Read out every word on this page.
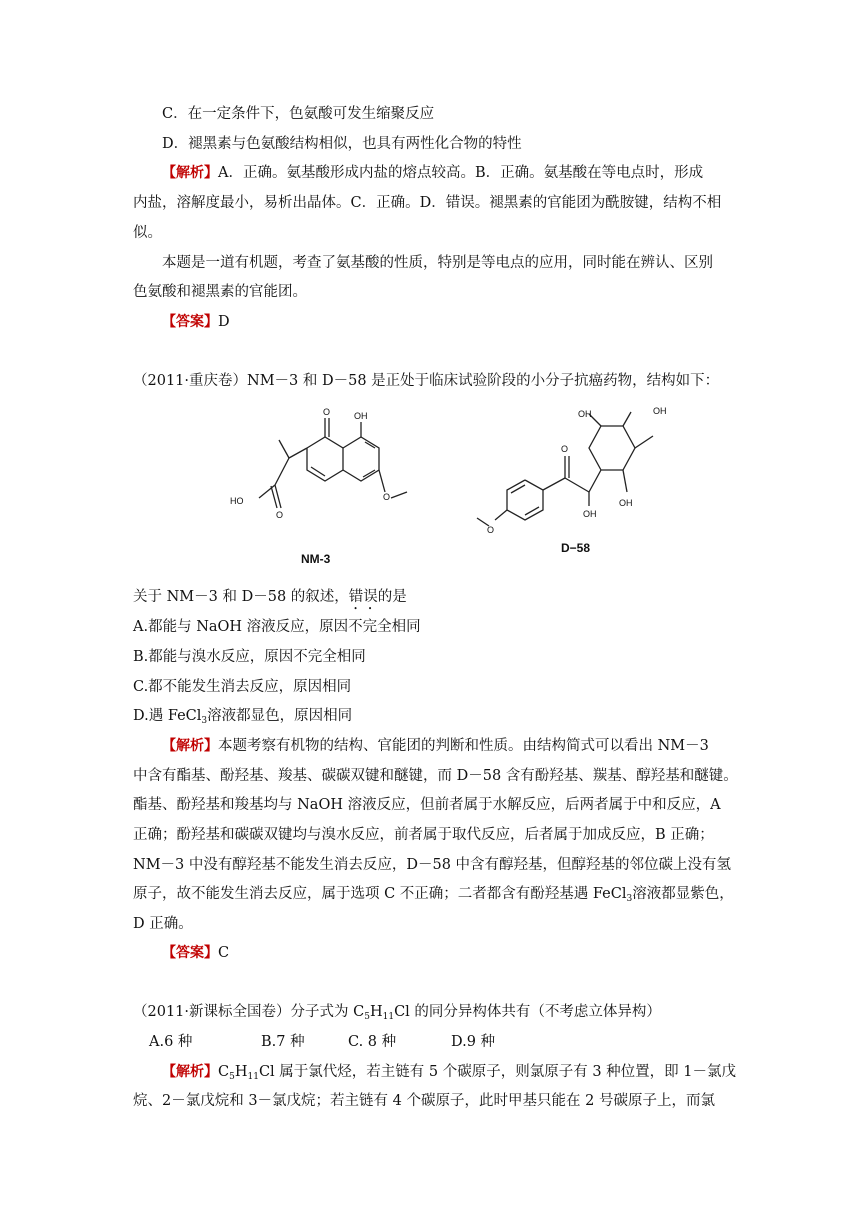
C．在一定条件下，色氨酸可发生缩聚反应
D．褪黑素与色氨酸结构相似，也具有两性化合物的特性
【解析】A．正确。氨基酸形成内盐的熔点较高。B．正确。氨基酸在等电点时，形成
内盐，溶解度最小，易析出晶体。C．正确。D．错误。褪黑素的官能团为酰胺键，结构不相
似。
本题是一道有机题，考查了氨基酸的性质，特别是等电点的应用，同时能在辨认、区别
色氨酸和褪黑素的官能团。
【答案】D
（2011·重庆卷）NM－3 和 D－58 是正处于临床试验阶段的小分子抗癌药物，结构如下：
O	OH
HO
O
O
NM-3
O
OH	OH
OH
OH
O
D−58
关于 NM－3 和 D－58 的叙述，错误的是
A.都能与 NaOH 溶液反应，原因不完全相同
B.都能与溴水反应，原因不完全相同
C.都不能发生消去反应，原因相同
D.遇 FeCl$_3$溶液都显色，原因相同
【解析】本题考察有机物的结构、官能团的判断和性质。由结构简式可以看出 NM－3
中含有酯基、酚羟基、羧基、碳碳双键和醚键，而 D－58 含有酚羟基、羰基、醇羟基和醚键。
酯基、酚羟基和羧基均与 NaOH 溶液反应，但前者属于水解反应，后两者属于中和反应，A
正确；酚羟基和碳碳双键均与溴水反应，前者属于取代反应，后者属于加成反应，B 正确；
NM－3 中没有醇羟基不能发生消去反应，D－58 中含有醇羟基，但醇羟基的邻位碳上没有氢
原子，故不能发生消去反应，属于选项 C 不正确；二者都含有酚羟基遇 FeCl$_3$溶液都显紫色，
D 正确。
【答案】C
（2011·新课标全国卷）分子式为 $C_5H_{11}Cl$ 的同分异构体共有（不考虑立体异构）
A.6 种	B.7 种	C. 8 种	D.9 种
【解析】$C_5H_{11}Cl$ 属于氯代烃，若主链有 5 个碳原子，则氯原子有 3 种位置，即 1－氯戊
烷、2－氯戊烷和 3－氯戊烷；若主链有 4 个碳原子，此时甲基只能在 2 号碳原子上，而氯
